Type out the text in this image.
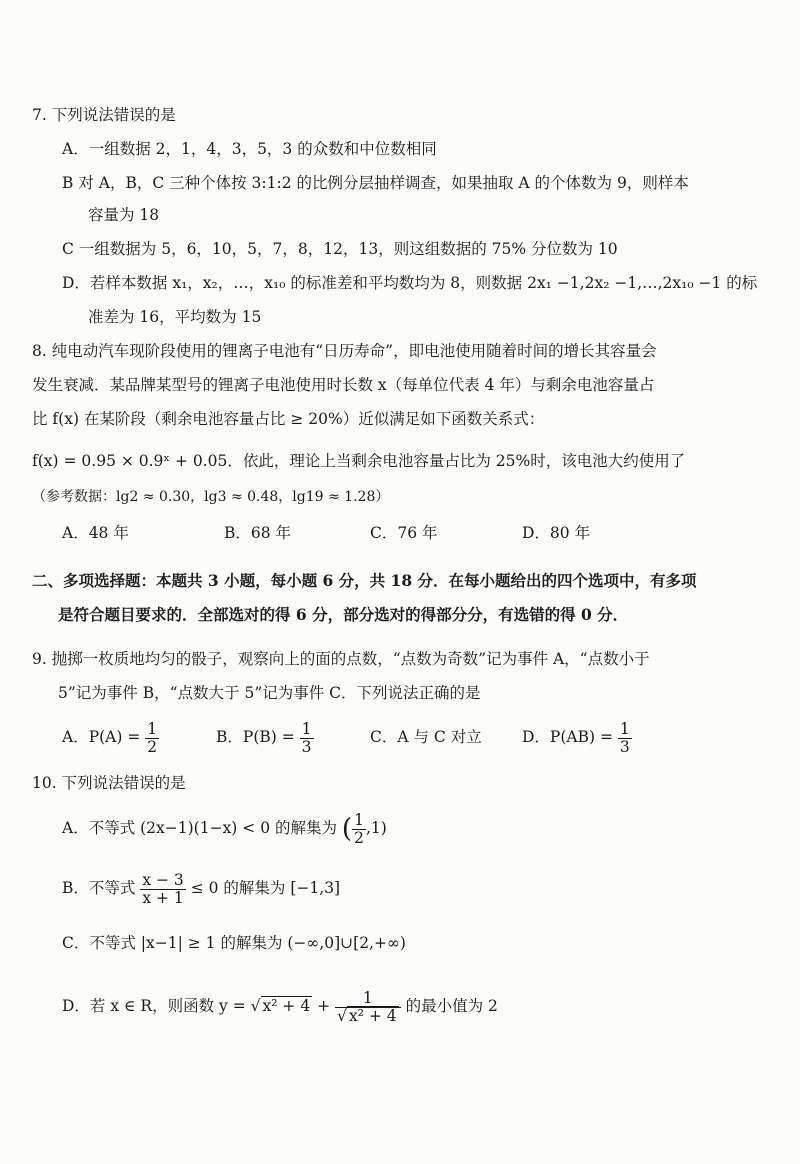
7. 下列说法错误的是
A．一组数据 2，1，4，3，5，3 的众数和中位数相同
B 对 A，B，C 三种个体按 3:1:2 的比例分层抽样调查，如果抽取 A 的个体数为 9，则样本
容量为 18
C 一组数据为 5，6，10，5，7，8，12，13，则这组数据的 75% 分位数为 10
D．若样本数据 x₁，x₂，…，x₁₀ 的标准差和平均数均为 8，则数据 2x₁ −1,2x₂ −1,…,2x₁₀ −1 的标
准差为 16，平均数为 15
8. 纯电动汽车现阶段使用的锂离子电池有“日历寿命”，即电池使用随着时间的增长其容量会
发生衰减．某品牌某型号的锂离子电池使用时长数 x（每单位代表 4 年）与剩余电池容量占
比 f(x) 在某阶段（剩余电池容量占比 ≥ 20%）近似满足如下函数关系式：
f(x) = 0.95 × 0.9ˣ + 0.05．依此，理论上当剩余电池容量占比为 25%时，该电池大约使用了
（参考数据：lg2 ≈ 0.30，lg3 ≈ 0.48，lg19 ≈ 1.28）
A．48 年	B．68 年	C．76 年	D．80 年
二、多项选择题：本题共 3 小题，每小题 6 分，共 18 分．在每小题给出的四个选项中，有多项
是符合题目要求的．全部选对的得 6 分，部分选对的得部分分，有选错的得 0 分．
9. 抛掷一枚质地均匀的骰子，观察向上的面的点数，“点数为奇数”记为事件 A，“点数小于
5”记为事件 B，“点数大于 5”记为事件 C．下列说法正确的是
A．$P(A) = \frac{1}{2}$	B．$P(B) = \frac{1}{3}$	C．A 与 C 对立	D．$P(AB) = \frac{1}{3}$
10. 下列说法错误的是
A．不等式 (2x−1)(1−x) < 0 的解集为 ( $\frac{1}{2} ,1$)
B．不等式 $\frac{x - 3}{x + 1} \le 0$ 的解集为 [−1,3]
C．不等式 |x−1| ≥ 1 的解集为 (−∞,0]∪[2,+∞)
D．若 x ∈ R，则函数 y = √ $x^2 + 4 + \frac{1}{\text{√ x² + 4}}$ 的最小值为 2
